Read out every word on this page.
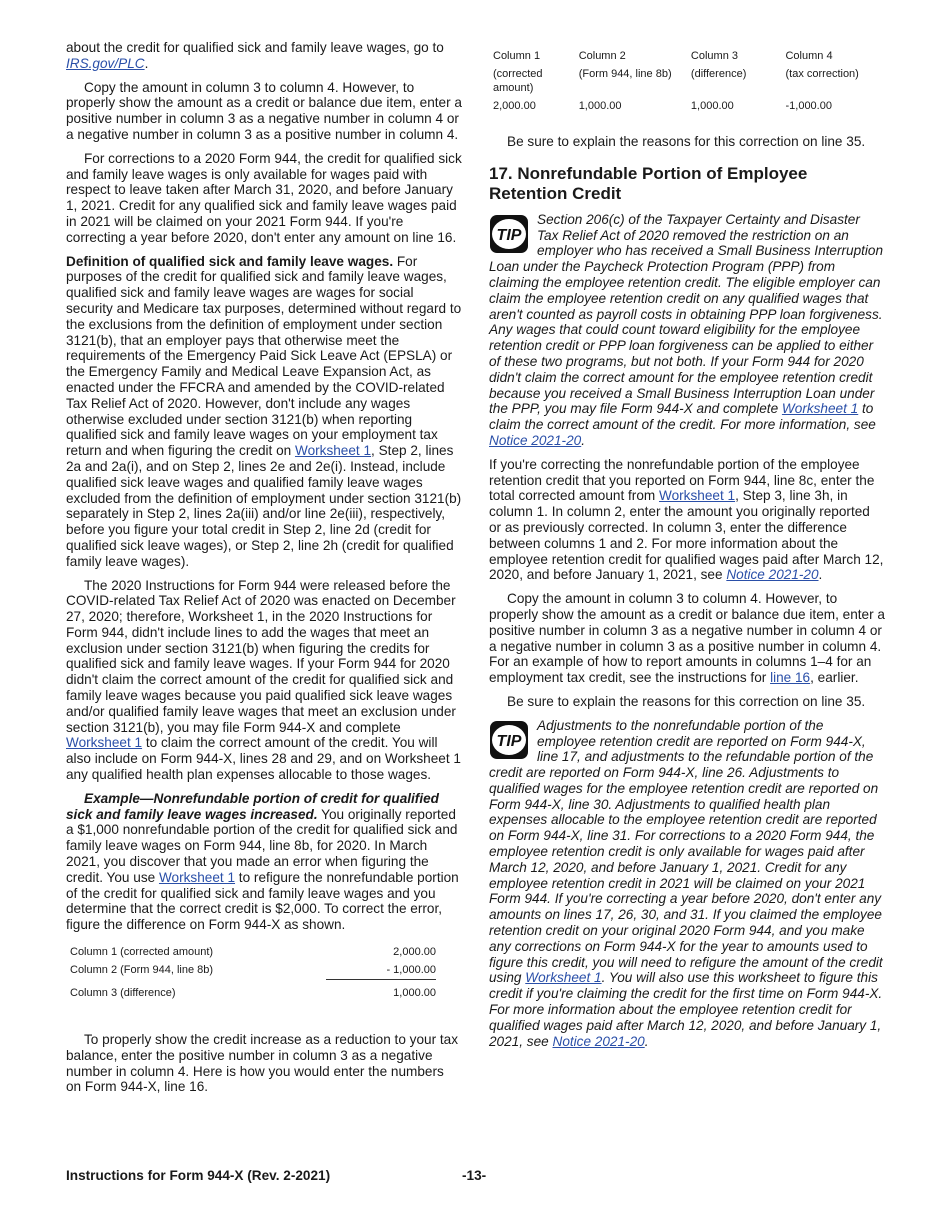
about the credit for qualified sick and family leave wages, go to IRS.gov/PLC.

Copy the amount in column 3 to column 4. However, to properly show the amount as a credit or balance due item, enter a positive number in column 3 as a negative number in column 4 or a negative number in column 3 as a positive number in column 4.

For corrections to a 2020 Form 944, the credit for qualified sick and family leave wages is only available for wages paid with respect to leave taken after March 31, 2020, and before January 1, 2021. Credit for any qualified sick and family leave wages paid in 2021 will be claimed on your 2021 Form 944. If you're correcting a year before 2020, don't enter any amount on line 16.

Definition of qualified sick and family leave wages. For purposes of the credit for qualified sick and family leave wages, qualified sick and family leave wages are wages for social security and Medicare tax purposes, determined without regard to the exclusions from the definition of employment under section 3121(b), that an employer pays that otherwise meet the requirements of the Emergency Paid Sick Leave Act (EPSLA) or the Emergency Family and Medical Leave Expansion Act, as enacted under the FFCRA and amended by the COVID-related Tax Relief Act of 2020. However, don't include any wages otherwise excluded under section 3121(b) when reporting qualified sick and family leave wages on your employment tax return and when figuring the credit on Worksheet 1, Step 2, lines 2a and 2a(i), and on Step 2, lines 2e and 2e(i). Instead, include qualified sick leave wages and qualified family leave wages excluded from the definition of employment under section 3121(b) separately in Step 2, lines 2a(iii) and/or line 2e(iii), respectively, before you figure your total credit in Step 2, line 2d (credit for qualified sick leave wages), or Step 2, line 2h (credit for qualified family leave wages).

The 2020 Instructions for Form 944 were released before the COVID-related Tax Relief Act of 2020 was enacted on December 27, 2020; therefore, Worksheet 1, in the 2020 Instructions for Form 944, didn't include lines to add the wages that meet an exclusion under section 3121(b) when figuring the credits for qualified sick and family leave wages. If your Form 944 for 2020 didn't claim the correct amount of the credit for qualified sick and family leave wages because you paid qualified sick leave wages and/or qualified family leave wages that meet an exclusion under section 3121(b), you may file Form 944-X and complete Worksheet 1 to claim the correct amount of the credit. You will also include on Form 944-X, lines 28 and 29, and on Worksheet 1 any qualified health plan expenses allocable to those wages.

Example—Nonrefundable portion of credit for qualified sick and family leave wages increased. You originally reported a $1,000 nonrefundable portion of the credit for qualified sick and family leave wages on Form 944, line 8b, for 2020. In March 2021, you discover that you made an error when figuring the credit. You use Worksheet 1 to refigure the nonrefundable portion of the credit for qualified sick and family leave wages and you determine that the correct credit is $2,000. To correct the error, figure the difference on Form 944-X as shown.

Column 1 (corrected amount)	2,000.00
Column 2 (Form 944, line 8b)	- 1,000.00
Column 3 (difference)	1,000.00

To properly show the credit increase as a reduction to your tax balance, enter the positive number in column 3 as a negative number in column 4. Here is how you would enter the numbers on Form 944-X, line 16.

Column 1	Column 2	Column 3	Column 4
(corrected amount)	(Form 944, line 8b)	(difference)	(tax correction)
2,000.00	1,000.00	1,000.00	-1,000.00

Be sure to explain the reasons for this correction on line 35.

17. Nonrefundable Portion of Employee Retention Credit
TIP
Section 206(c) of the Taxpayer Certainty and Disaster Tax Relief Act of 2020 removed the restriction on an employer who has received a Small Business Interruption Loan under the Paycheck Protection Program (PPP) from claiming the employee retention credit. The eligible employer can claim the employee retention credit on any qualified wages that aren't counted as payroll costs in obtaining PPP loan forgiveness. Any wages that could count toward eligibility for the employee retention credit or PPP loan forgiveness can be applied to either of these two programs, but not both. If your Form 944 for 2020 didn't claim the correct amount for the employee retention credit because you received a Small Business Interruption Loan under the PPP, you may file Form 944-X and complete Worksheet 1 to claim the correct amount of the credit. For more information, see Notice 2021-20.

If you're correcting the nonrefundable portion of the employee retention credit that you reported on Form 944, line 8c, enter the total corrected amount from Worksheet 1, Step 3, line 3h, in column 1. In column 2, enter the amount you originally reported or as previously corrected. In column 3, enter the difference between columns 1 and 2. For more information about the employee retention credit for qualified wages paid after March 12, 2020, and before January 1, 2021, see Notice 2021-20.

Copy the amount in column 3 to column 4. However, to properly show the amount as a credit or balance due item, enter a positive number in column 3 as a negative number in column 4 or a negative number in column 3 as a positive number in column 4. For an example of how to report amounts in columns 1–4 for an employment tax credit, see the instructions for line 16, earlier.

Be sure to explain the reasons for this correction on line 35.

TIP
Adjustments to the nonrefundable portion of the employee retention credit are reported on Form 944-X, line 17, and adjustments to the refundable portion of the credit are reported on Form 944-X, line 26. Adjustments to qualified wages for the employee retention credit are reported on Form 944-X, line 30. Adjustments to qualified health plan expenses allocable to the employee retention credit are reported on Form 944-X, line 31. For corrections to a 2020 Form 944, the employee retention credit is only available for wages paid after March 12, 2020, and before January 1, 2021. Credit for any employee retention credit in 2021 will be claimed on your 2021 Form 944. If you're correcting a year before 2020, don't enter any amounts on lines 17, 26, 30, and 31. If you claimed the employee retention credit on your original 2020 Form 944, and you make any corrections on Form 944-X for the year to amounts used to figure this credit, you will need to refigure the amount of the credit using Worksheet 1. You will also use this worksheet to figure this credit if you're claiming the credit for the first time on Form 944-X. For more information about the employee retention credit for qualified wages paid after March 12, 2020, and before January 1, 2021, see Notice 2021-20.
Instructions for Form 944-X (Rev. 2-2021)	-13-
